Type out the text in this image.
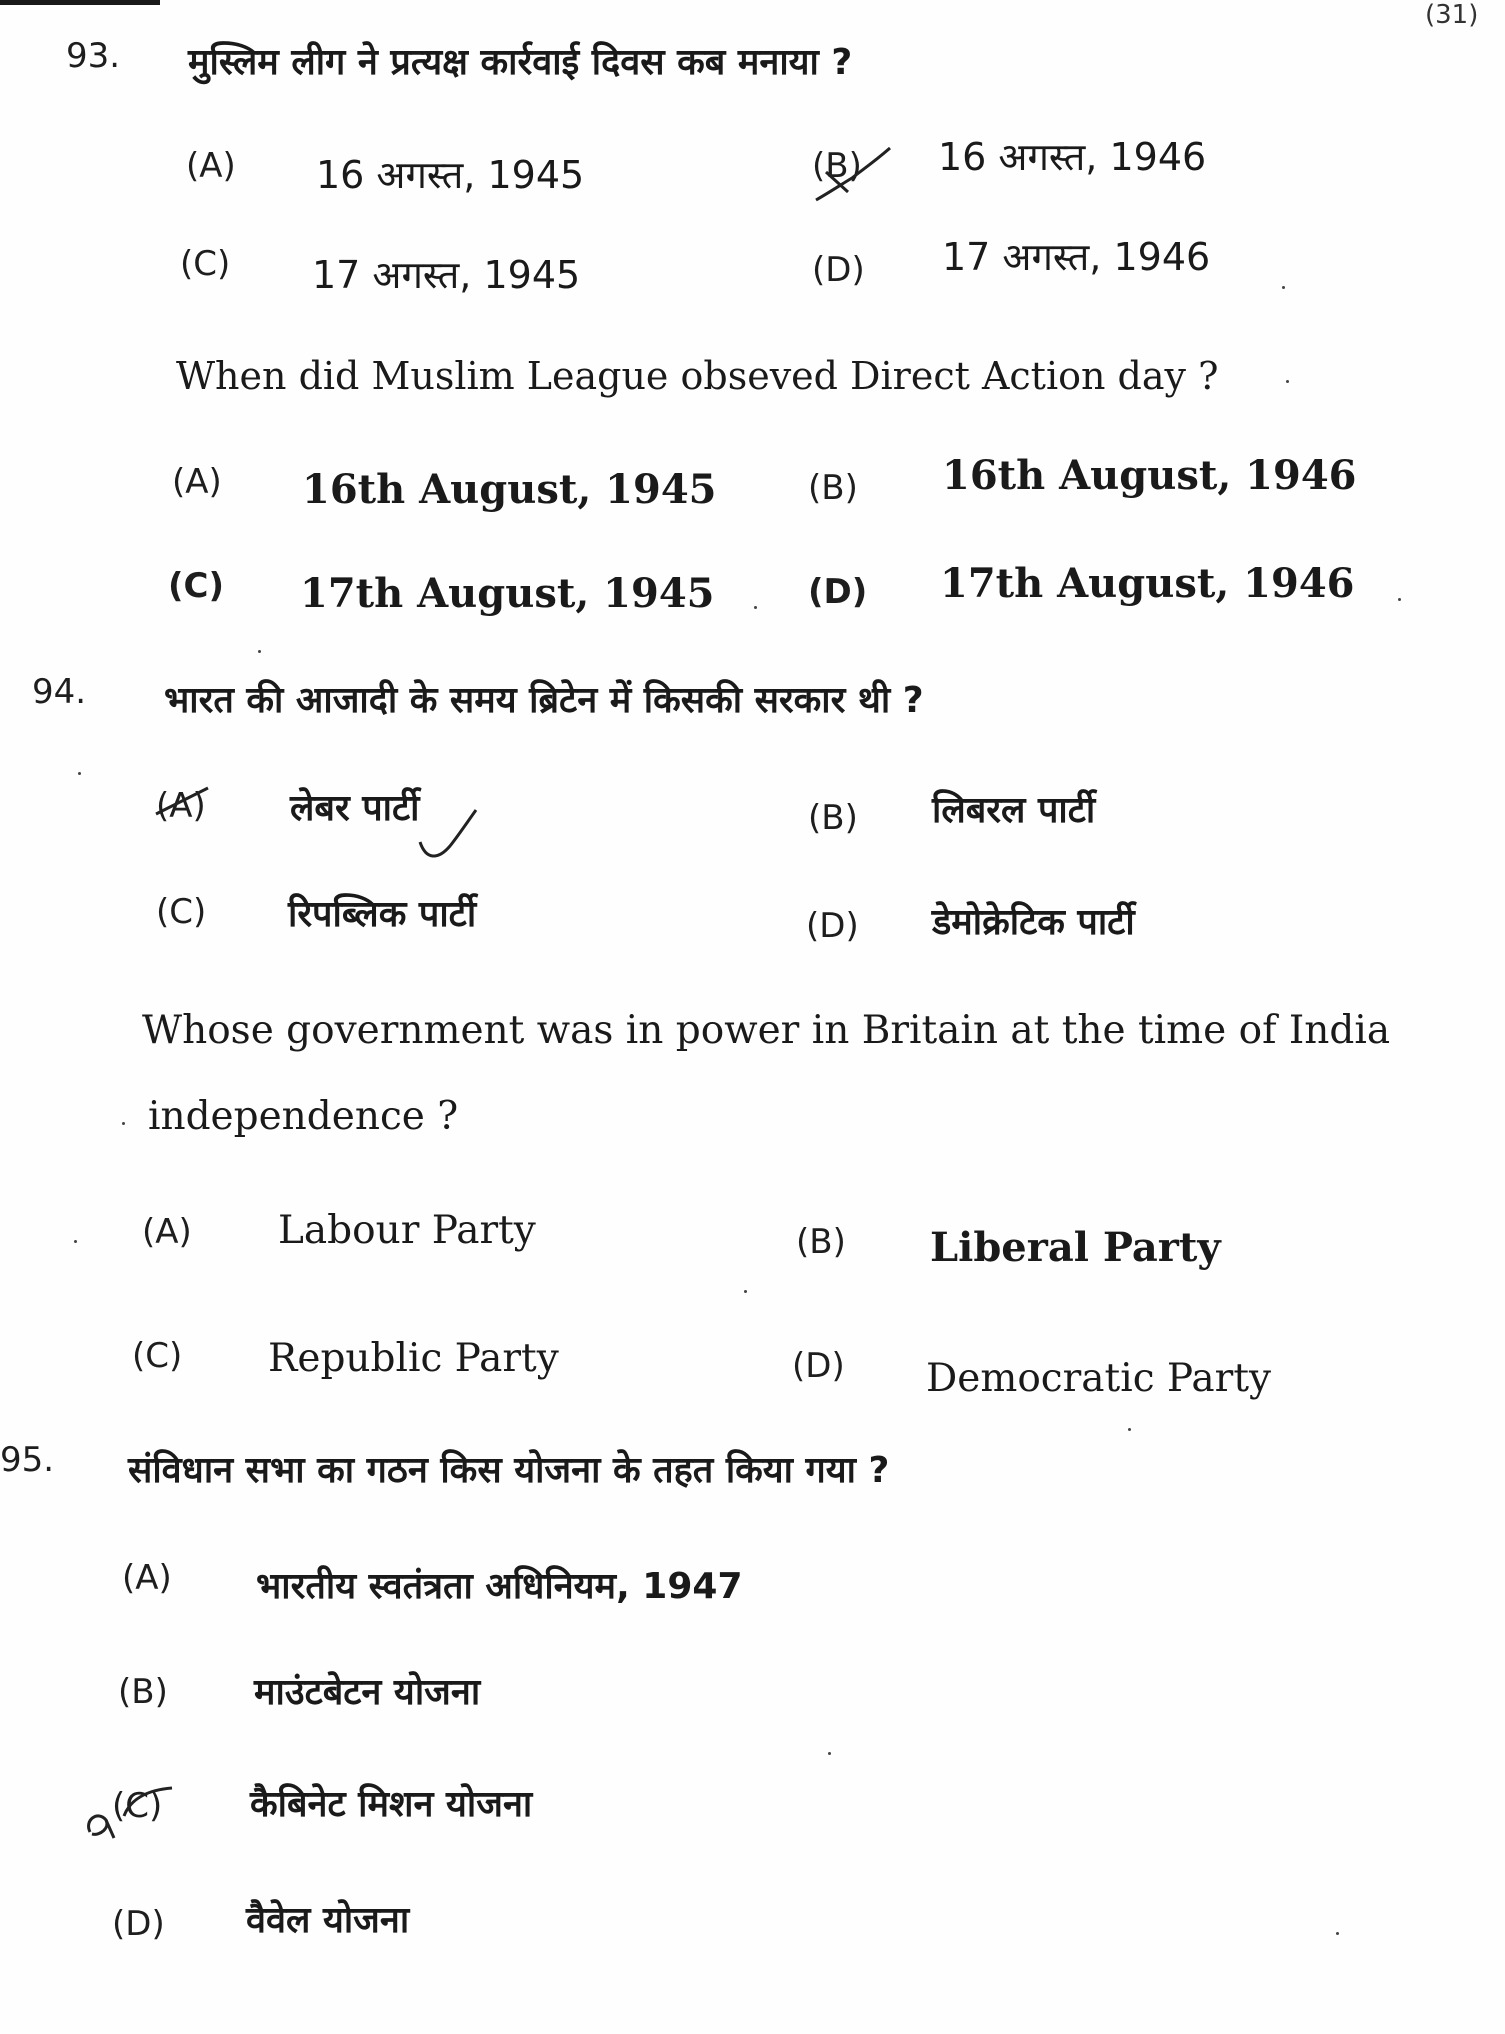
(31)
93. मुस्लिम लीग ने प्रत्यक्ष कार्रवाई दिवस कब मनाया ?
(A) 16 अगस्त, 1945	(B) 16 अगस्त, 1946
(C) 17 अगस्त, 1945	(D) 17 अगस्त, 1946
When did Muslim League obseved Direct Action day ?
(A) 16th August, 1945	(B) 16th August, 1946
(C) 17th August, 1945	(D) 17th August, 1946
94. भारत की आजादी के समय ब्रिटेन में किसकी सरकार थी ?
(A) लेबर पार्टी	(B) लिबरल पार्टी
(C) रिपब्लिक पार्टी	(D) डेमोक्रेटिक पार्टी
Whose government was in power in Britain at the time of India
independence ?
(A) Labour Party	(B) Liberal Party
(C) Republic Party	(D) Democratic Party
95. संविधान सभा का गठन किस योजना के तहत किया गया ?
(A) भारतीय स्वतंत्रता अधिनियम, 1947
(B) माउंटबेटन योजना
(C) कैबिनेट मिशन योजना
(D) वैवेल योजना
